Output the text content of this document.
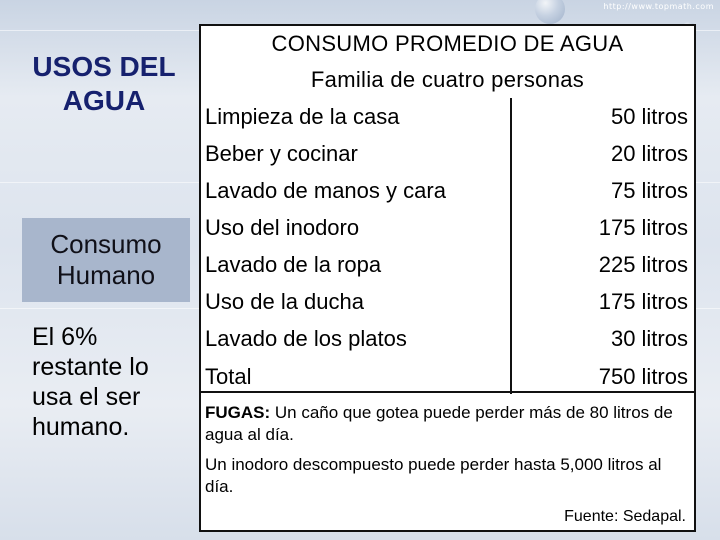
http://www.topmath.com
USOS DEL
AGUA
Consumo
Humano
El 6% restante lo usa el ser humano.
CONSUMO PROMEDIO DE AGUA
Familia de cuatro personas
Limpieza de la casa	50 litros
Beber y cocinar	20 litros
Lavado de manos y cara	75 litros
Uso del inodoro	175 litros
Lavado de la ropa	225 litros
Uso de la ducha	175 litros
Lavado de los platos	30 litros
Total	750 litros
FUGAS: Un caño que gotea puede perder más de 80 litros de agua al día.
Un inodoro descompuesto puede perder hasta 5,000 litros al día.
Fuente: Sedapal.
